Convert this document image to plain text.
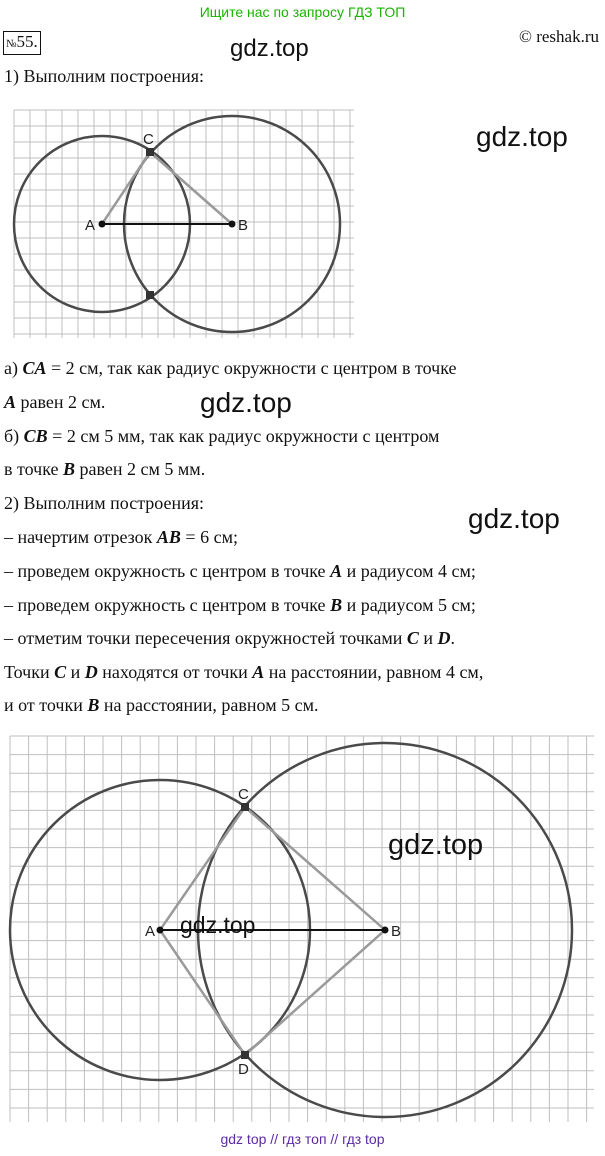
Ищите нас по запросу ГДЗ ТОП
№55.	© reshak.ru
gdz.top
1) Выполним построения:
gdz.top
A	B
C
а) CA = 2 см, так как радиус окружности с центром в точке
A равен 2 см.	gdz.top
б) CB = 2 см 5 мм, так как радиус окружности с центром
в точке B равен 2 см 5 мм.
2) Выполним построения:	gdz.top
– начертим отрезок AB = 6 см;
– проведем окружность с центром в точке A и радиусом 4 см;
– проведем окружность с центром в точке B и радиусом 5 см;
– отметим точки пересечения окружностей точками C и D.
Точки C и D находятся от точки A на расстоянии, равном 4 см,
и от точки B на расстоянии, равном 5 см.
A	B
C
D
gdz.top
gdz.top
gdz top // гдз топ // гдз top
